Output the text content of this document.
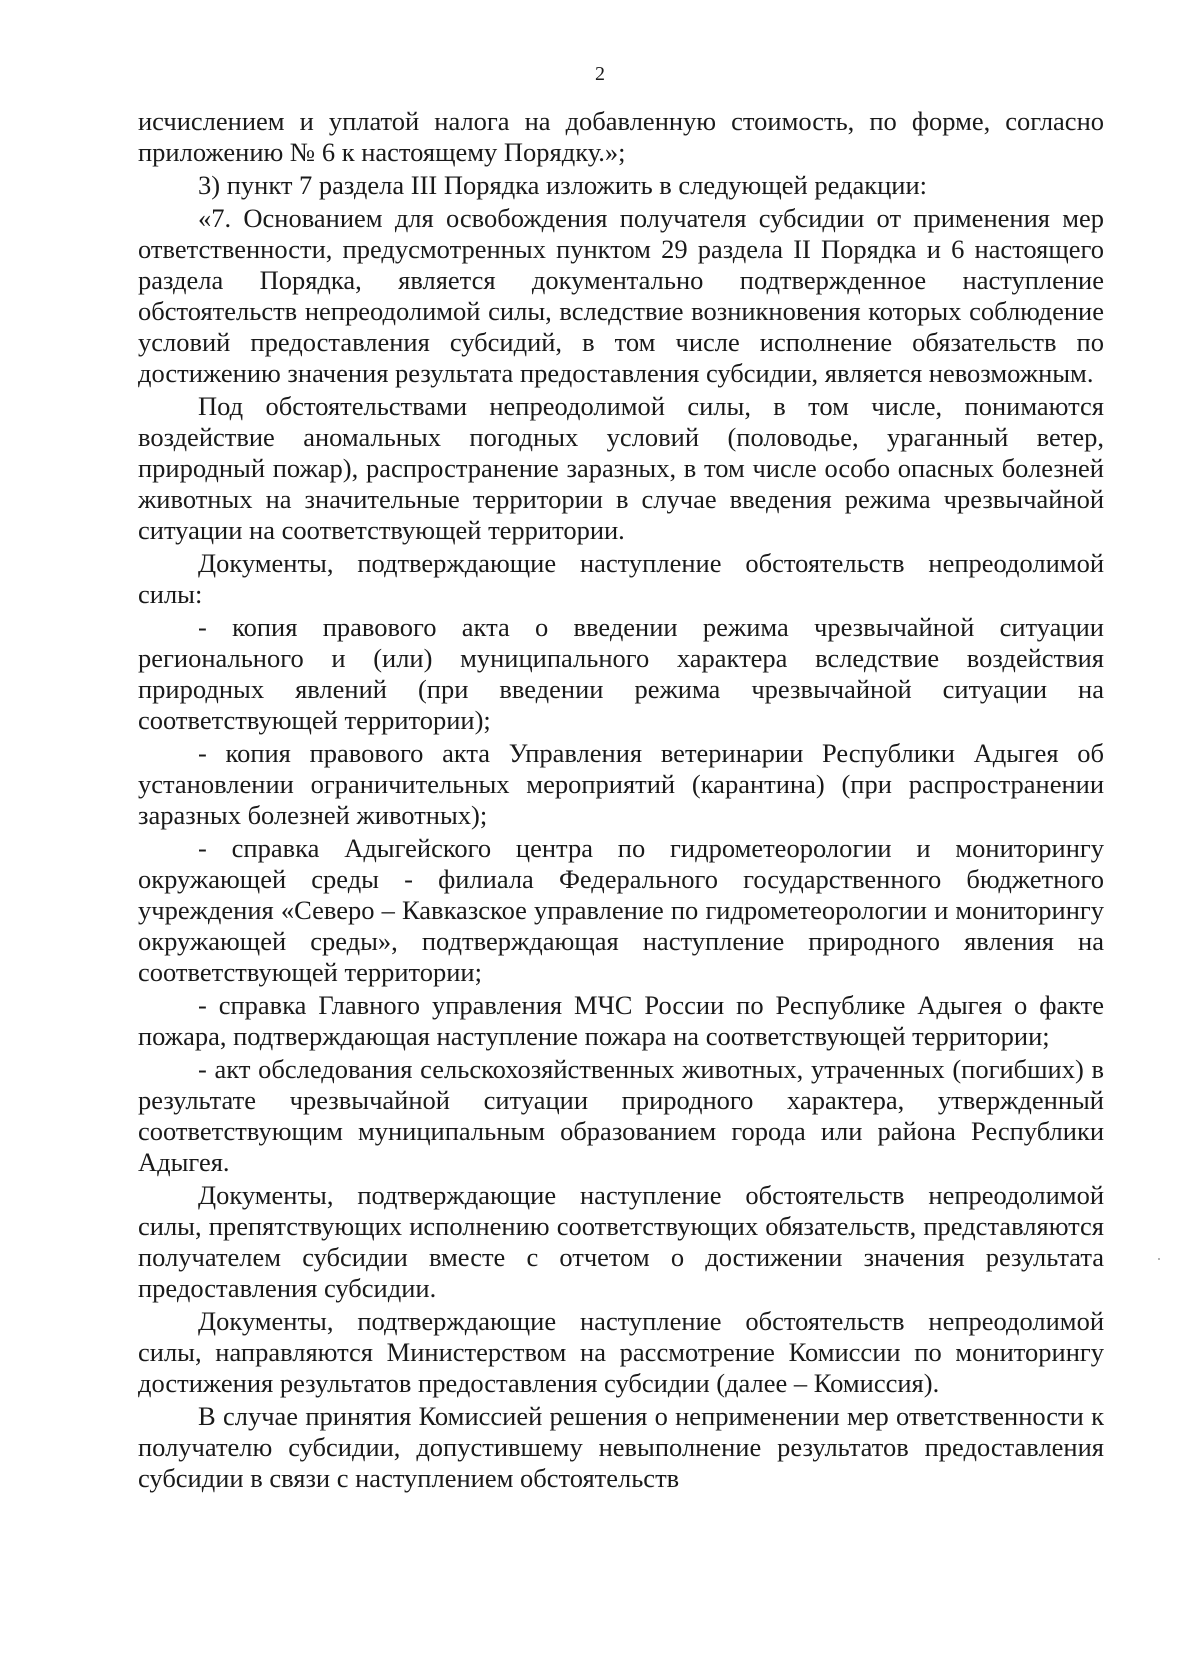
2

исчислением и уплатой налога на добавленную стоимость, по форме, согласно приложению № 6 к настоящему Порядку.»;

3) пункт 7 раздела III Порядка изложить в следующей редакции:

«7. Основанием для освобождения получателя субсидии от применения мер ответственности, предусмотренных пунктом 29 раздела II Порядка и 6 настоящего раздела Порядка, является документально подтвержденное наступление обстоятельств непреодолимой силы, вследствие возникновения которых соблюдение условий предоставления субсидий, в том числе исполнение обязательств по достижению значения результата предоставления субсидии, является невозможным.

Под обстоятельствами непреодолимой силы, в том числе, понимаются воздействие аномальных погодных условий (половодье, ураганный ветер, природный пожар), распространение заразных, в том числе особо опасных болезней животных на значительные территории в случае введения режима чрезвычайной ситуации на соответствующей территории.

Документы, подтверждающие наступление обстоятельств непреодолимой силы:

- копия правового акта о введении режима чрезвычайной ситуации регионального и (или) муниципального характера вследствие воздействия природных явлений (при введении режима чрезвычайной ситуации на соответствующей территории);

- копия правового акта Управления ветеринарии Республики Адыгея об установлении ограничительных мероприятий (карантина) (при распространении заразных болезней животных);

- справка Адыгейского центра по гидрометеорологии и мониторингу окружающей среды - филиала Федерального государственного бюджетного учреждения «Северо – Кавказское управление по гидрометеорологии и мониторингу окружающей среды», подтверждающая наступление природного явления на соответствующей территории;

- справка Главного управления МЧС России по Республике Адыгея о факте пожара, подтверждающая наступление пожара на соответствующей территории;

- акт обследования сельскохозяйственных животных, утраченных (погибших) в результате чрезвычайной ситуации природного характера, утвержденный соответствующим муниципальным образованием города или района Республики Адыгея.

Документы, подтверждающие наступление обстоятельств непреодолимой силы, препятствующих исполнению соответствующих обязательств, представляются получателем субсидии вместе с отчетом о достижении значения результата предоставления субсидии.

Документы, подтверждающие наступление обстоятельств непреодолимой силы, направляются Министерством на рассмотрение Комиссии по мониторингу достижения результатов предоставления субсидии (далее – Комиссия).

В случае принятия Комиссией решения о неприменении мер ответственности к получателю субсидии, допустившему невыполнение результатов предоставления субсидии в связи с наступлением обстоятельств
